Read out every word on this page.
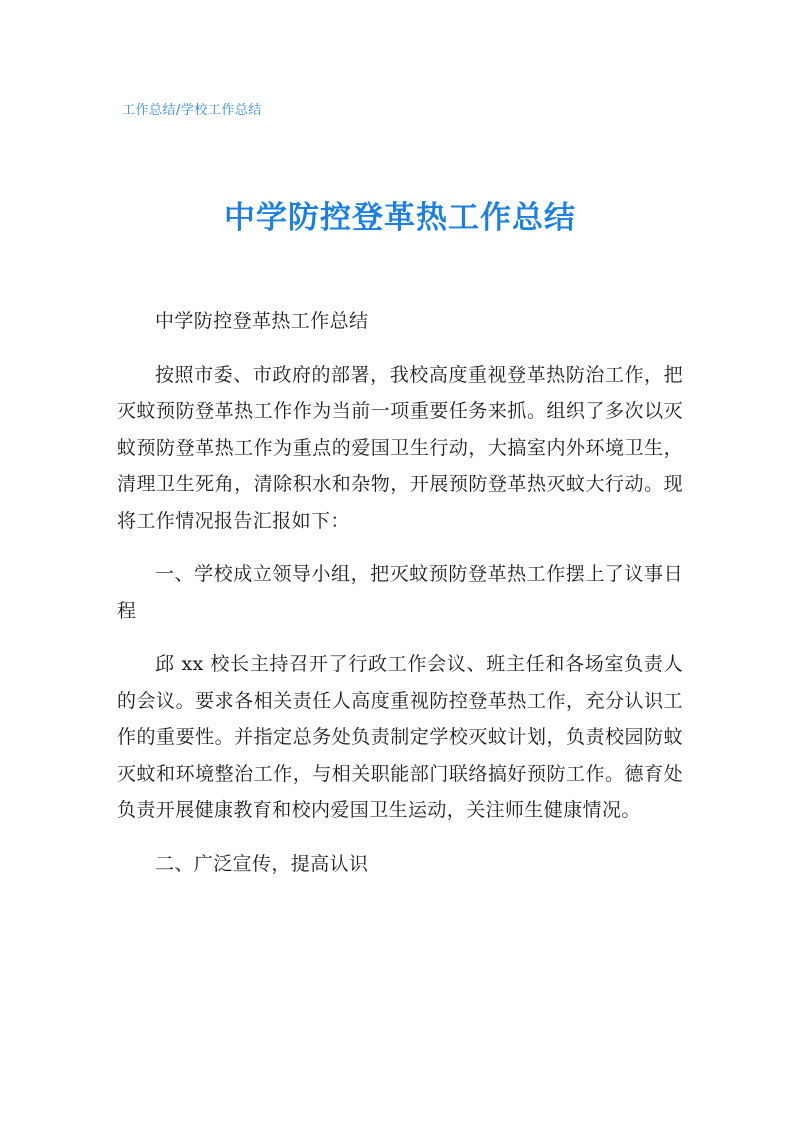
工作总结/学校工作总结
中学防控登革热工作总结

中学防控登革热工作总结

按照市委、市政府的部署，我校高度重视登革热防治工作，把灭蚊预防登革热工作作为当前一项重要任务来抓。组织了多次以灭蚊预防登革热工作为重点的爱国卫生行动，大搞室内外环境卫生，清理卫生死角，清除积水和杂物，开展预防登革热灭蚊大行动。现将工作情况报告汇报如下：

一、学校成立领导小组，把灭蚊预防登革热工作摆上了议事日程

邱 xx 校长主持召开了行政工作会议、班主任和各场室负责人的会议。要求各相关责任人高度重视防控登革热工作，充分认识工作的重要性。并指定总务处负责制定学校灭蚊计划，负责校园防蚊灭蚊和环境整治工作，与相关职能部门联络搞好预防工作。德育处负责开展健康教育和校内爱国卫生运动，关注师生健康情况。

二、广泛宣传，提高认识
